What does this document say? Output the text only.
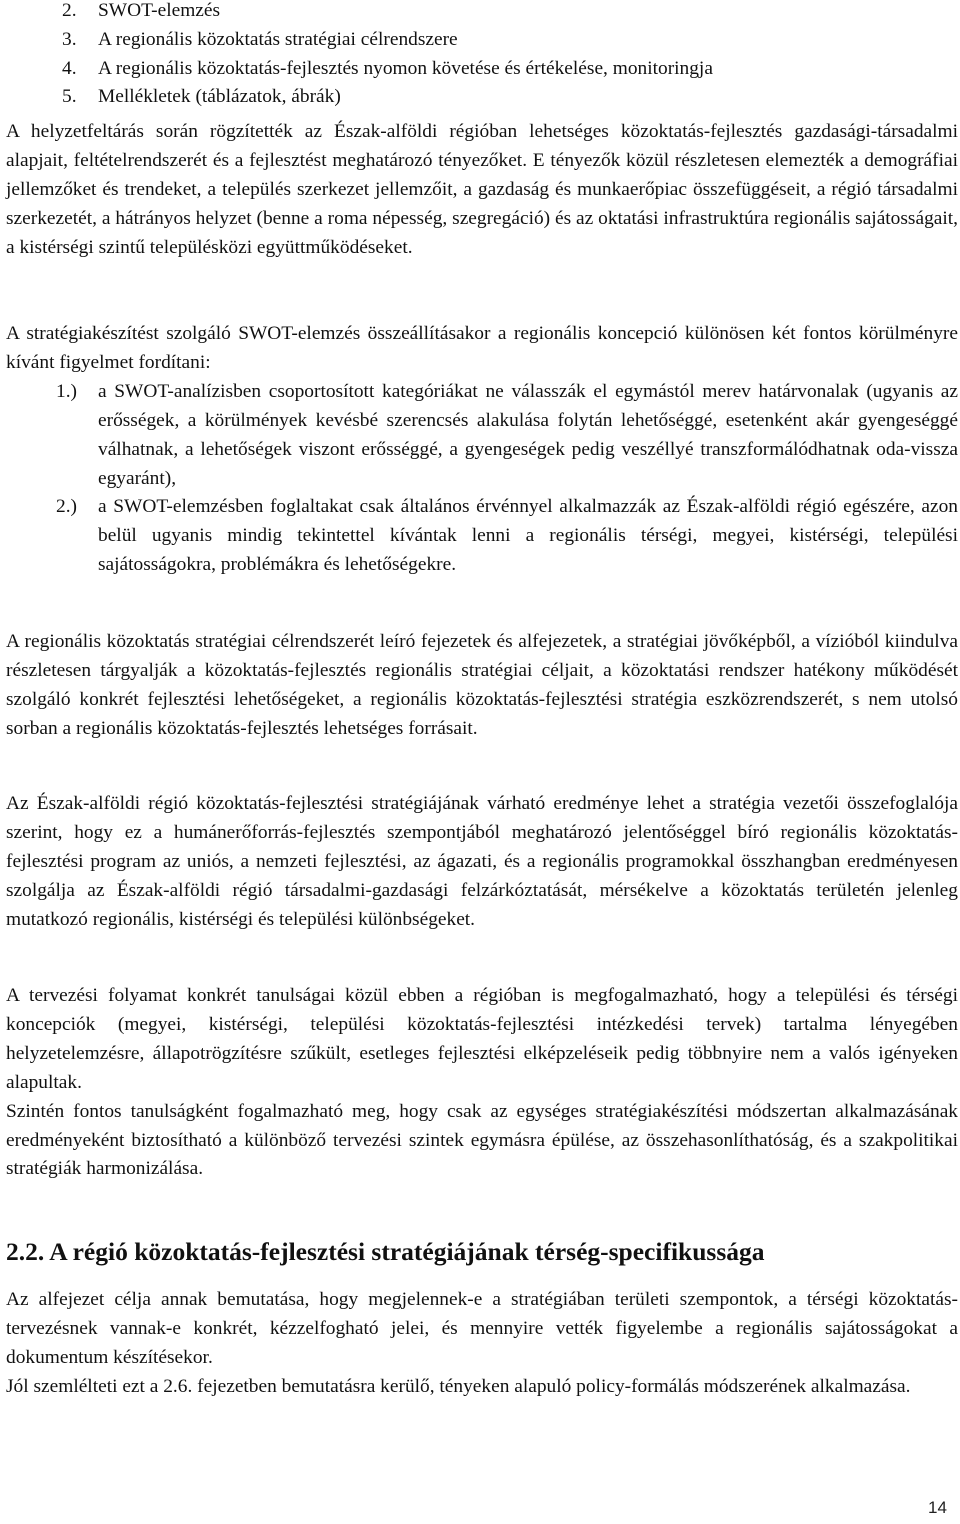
2. SWOT-elemzés
3. A regionális közoktatás stratégiai célrendszere
4. A regionális közoktatás-fejlesztés nyomon követése és értékelése, monitoringja
5. Mellékletek (táblázatok, ábrák)

A helyzetfeltárás során rögzítették az Észak-alföldi régióban lehetséges közoktatás-fejlesztés gazdasági-társadalmi alapjait, feltételrendszerét és a fejlesztést meghatározó tényezőket. E tényezők közül részletesen elemezték a demográfiai jellemzőket és trendeket, a település szerkezet jellemzőit, a gazdaság és munkaerőpiac összefüggéseit, a régió társadalmi szerkezetét, a hátrányos helyzet (benne a roma népesség, szegregáció) és az oktatási infrastruktúra regionális sajátosságait, a kistérségi szintű településközi együttműködéseket.

A stratégiakészítést szolgáló SWOT-elemzés összeállításakor a regionális koncepció különösen két fontos körülményre kívánt figyelmet fordítani:

1.) a SWOT-analízisben csoportosított kategóriákat ne válasszák el egymástól merev határvonalak (ugyanis az erősségek, a körülmények kevésbé szerencsés alakulása folytán lehetőséggé, esetenként akár gyengeséggé válhatnak, a lehetőségek viszont erősséggé, a gyengeségek pedig veszéllyé transzformálódhatnak oda-vissza egyaránt),
2.) a SWOT-elemzésben foglaltakat csak általános érvénnyel alkalmazzák az Észak-alföldi régió egészére, azon belül ugyanis mindig tekintettel kívántak lenni a regionális térségi, megyei, kistérségi, települési sajátosságokra, problémákra és lehetőségekre.

A regionális közoktatás stratégiai célrendszerét leíró fejezetek és alfejezetek, a stratégiai jövőképből, a vízióból kiindulva részletesen tárgyalják a közoktatás-fejlesztés regionális stratégiai céljait, a közoktatási rendszer hatékony működését szolgáló konkrét fejlesztési lehetőségeket, a regionális közoktatás-fejlesztési stratégia eszközrendszerét, s nem utolsó sorban a regionális közoktatás-fejlesztés lehetséges forrásait.

Az Észak-alföldi régió közoktatás-fejlesztési stratégiájának várható eredménye lehet a stratégia vezetői összefoglalója szerint, hogy ez a humánerőforrás-fejlesztés szempontjából meghatározó jelentőséggel bíró regionális közoktatás-fejlesztési program az uniós, a nemzeti fejlesztési, az ágazati, és a regionális programokkal összhangban eredményesen szolgálja az Észak-alföldi régió társadalmi-gazdasági felzárkóztatását, mérsékelve a közoktatás területén jelenleg mutatkozó regionális, kistérségi és települési különbségeket.

A tervezési folyamat konkrét tanulságai közül ebben a régióban is megfogalmazható, hogy a települési és térségi koncepciók (megyei, kistérségi, települési közoktatás-fejlesztési intézkedési tervek) tartalma lényegében helyzetelemzésre, állapotrögzítésre szűkült, esetleges fejlesztési elképzeléseik pedig többnyire nem a valós igényeken alapultak.

Szintén fontos tanulságként fogalmazható meg, hogy csak az egységes stratégiakészítési módszertan alkalmazásának eredményeként biztosítható a különböző tervezési szintek egymásra épülése, az összehasonlíthatóság, és a szakpolitikai stratégiák harmonizálása.

2.2. A régió közoktatás-fejlesztési stratégiájának térség-specifikussága

Az alfejezet célja annak bemutatása, hogy megjelennek-e a stratégiában területi szempontok, a térségi közoktatás-tervezésnek vannak-e konkrét, kézzelfogható jelei, és mennyire vették figyelembe a regionális sajátosságokat a dokumentum készítésekor.

Jól szemlélteti ezt a 2.6. fejezetben bemutatásra kerülő, tényeken alapuló policy-formálás módszerének alkalmazása.

14
